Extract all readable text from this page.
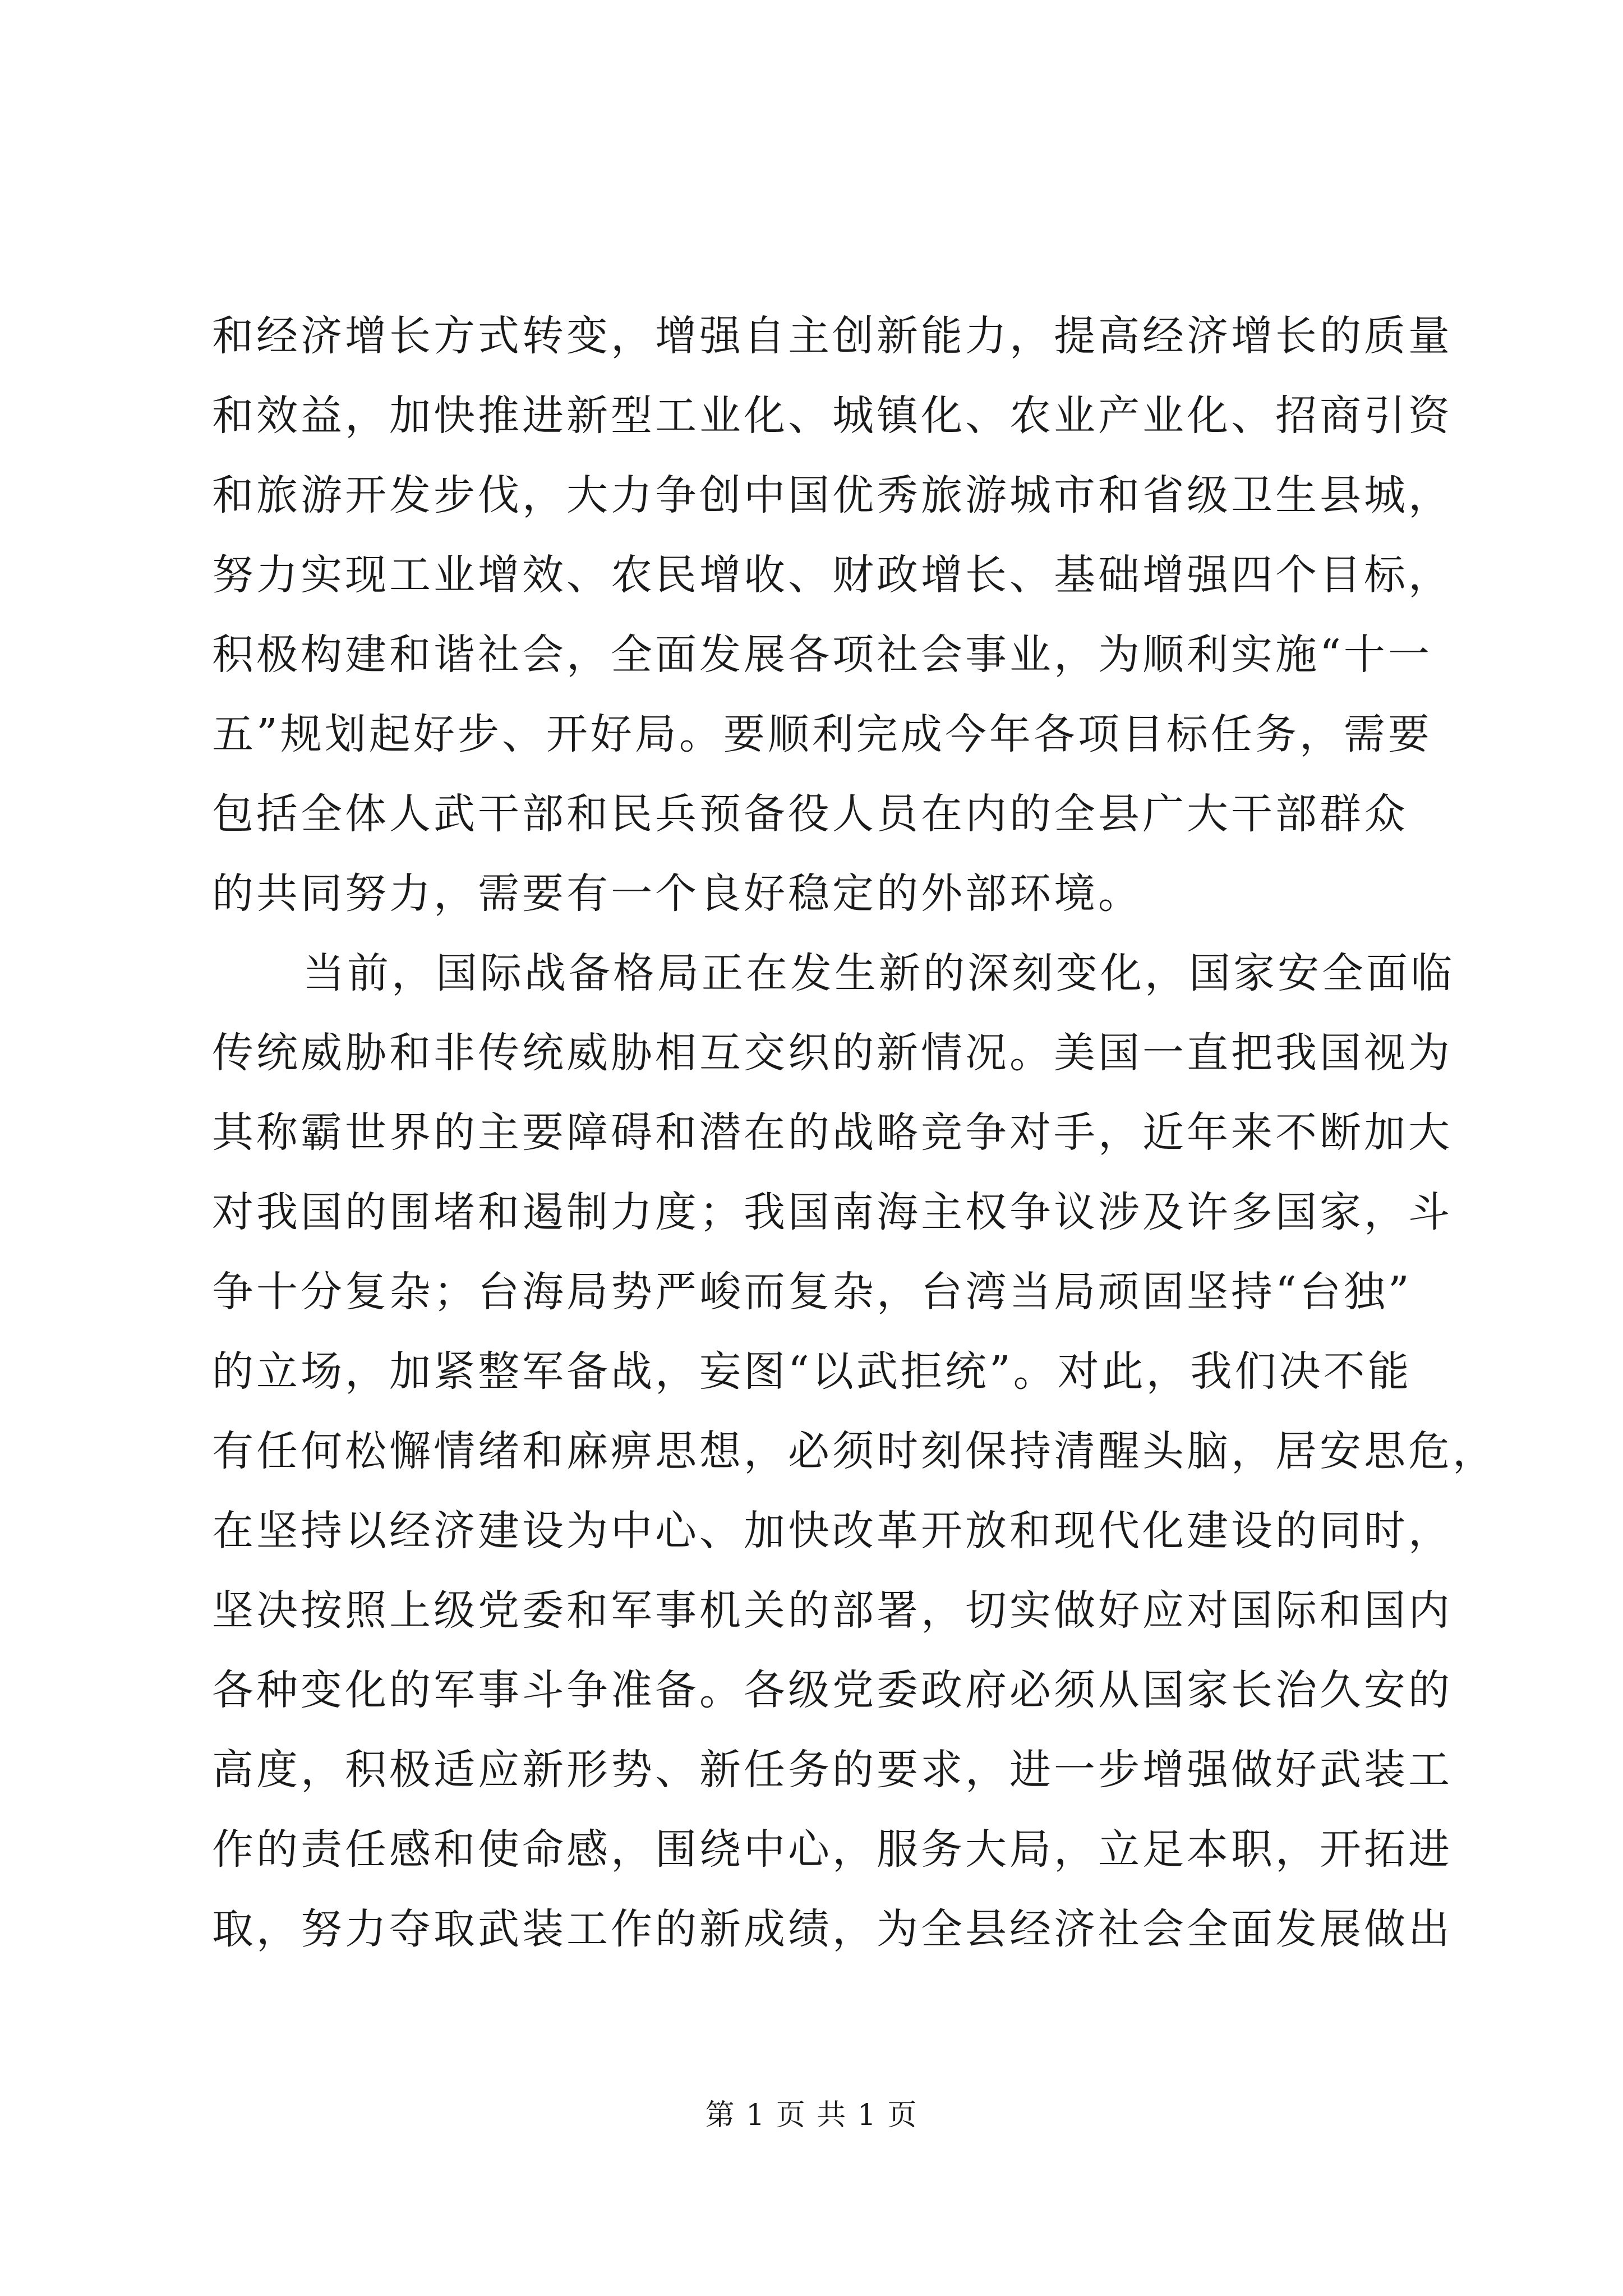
和经济增长方式转变，增强自主创新能力，提高经济增长的质量
和效益，加快推进新型工业化、城镇化、农业产业化、招商引资
和旅游开发步伐，大力争创中国优秀旅游城市和省级卫生县城，
努力实现工业增效、农民增收、财政增长、基础增强四个目标，
积极构建和谐社会，全面发展各项社会事业，为顺利实施“十一
五”规划起好步、开好局。要顺利完成今年各项目标任务，需要
包括全体人武干部和民兵预备役人员在内的全县广大干部群众
的共同努力，需要有一个良好稳定的外部环境。
当前，国际战备格局正在发生新的深刻变化，国家安全面临
传统威胁和非传统威胁相互交织的新情况。美国一直把我国视为
其称霸世界的主要障碍和潜在的战略竞争对手，近年来不断加大
对我国的围堵和遏制力度；我国南海主权争议涉及许多国家，斗
争十分复杂；台海局势严峻而复杂，台湾当局顽固坚持“台独”
的立场，加紧整军备战，妄图“以武拒统”。对此，我们决不能
有任何松懈情绪和麻痹思想，必须时刻保持清醒头脑，居安思危，
在坚持以经济建设为中心、加快改革开放和现代化建设的同时，
坚决按照上级党委和军事机关的部署，切实做好应对国际和国内
各种变化的军事斗争准备。各级党委政府必须从国家长治久安的
高度，积极适应新形势、新任务的要求，进一步增强做好武装工
作的责任感和使命感，围绕中心，服务大局，立足本职，开拓进
取，努力夺取武装工作的新成绩，为全县经济社会全面发展做出
第 1 页 共 1 页
